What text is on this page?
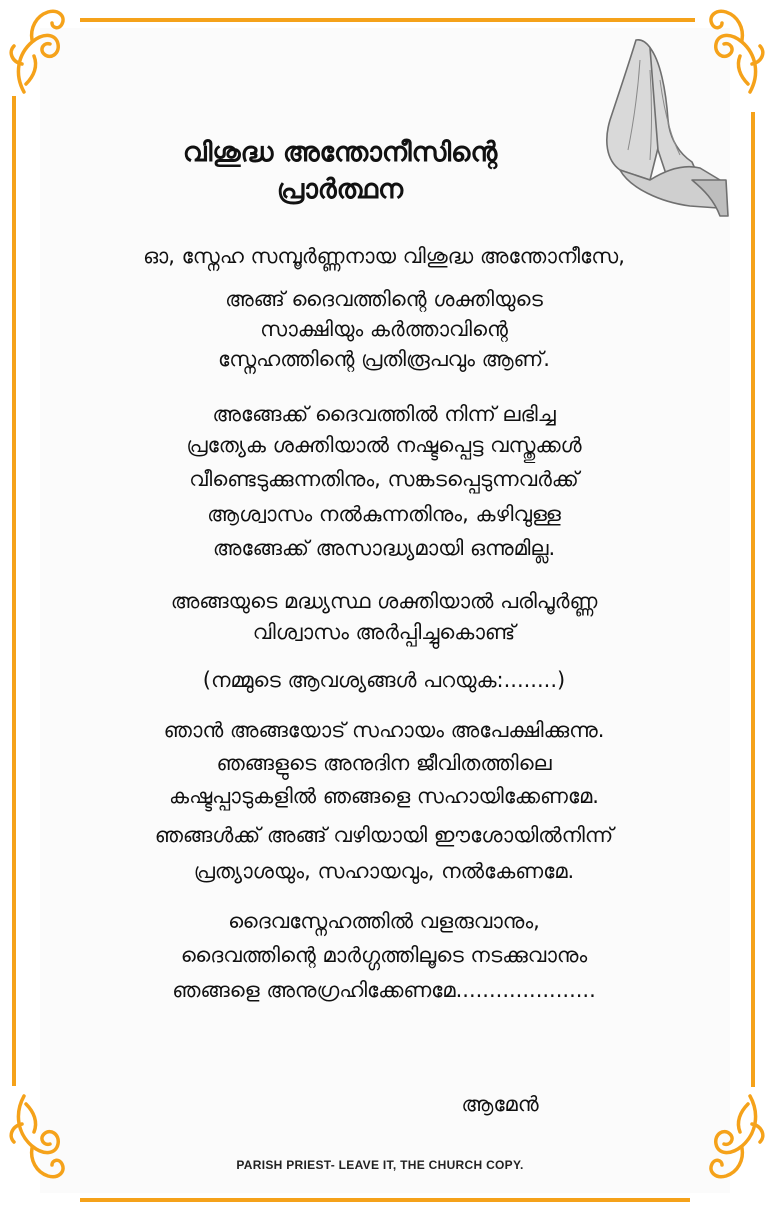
വിശുദ്ധ അന്തോനീസിന്റെ
പ്രാർത്ഥന
ഓ, സ്നേഹ സമ്പൂർണ്ണനായ വിശുദ്ധ അന്തോനീസേ,
അങ്ങ് ദൈവത്തിന്റെ ശക്തിയുടെ
സാക്ഷിയും കർത്താവിന്റെ
സ്നേഹത്തിന്റെ പ്രതിരൂപവും ആണ്.
അങ്ങേക്ക് ദൈവത്തിൽ നിന്ന് ലഭിച്ച
പ്രത്യേക ശക്തിയാൽ നഷ്ടപ്പെട്ട വസ്തുക്കൾ
വീണ്ടെടുക്കുന്നതിനും, സങ്കടപ്പെടുന്നവർക്ക്
ആശ്വാസം നൽകുന്നതിനും, കഴിവുള്ള
അങ്ങേക്ക് അസാദ്ധ്യമായി ഒന്നുമില്ല.
അങ്ങയുടെ മദ്ധ്യസ്ഥ ശക്തിയാൽ പരിപൂർണ്ണ
വിശ്വാസം അർപ്പിച്ചുകൊണ്ട്
(നമ്മുടെ ആവശ്യങ്ങൾ പറയുക:........)
ഞാൻ അങ്ങയോട് സഹായം അപേക്ഷിക്കുന്നു.
ഞങ്ങളുടെ അനുദിന ജീവിതത്തിലെ
കഷ്ടപ്പാടുകളിൽ ഞങ്ങളെ സഹായിക്കേണമേ.
ഞങ്ങൾക്ക് അങ്ങ് വഴിയായി ഈശോയിൽനിന്ന്
പ്രത്യാശയും, സഹായവും, നൽകേണമേ.
ദൈവസ്നേഹത്തിൽ വളരുവാനും,
ദൈവത്തിന്റെ മാർഗ്ഗത്തിലൂടെ നടക്കുവാനും
ഞങ്ങളെ അനുഗ്രഹിക്കേണമേ.....................
ആമേൻ
PARISH PRIEST- LEAVE IT, THE CHURCH COPY.
